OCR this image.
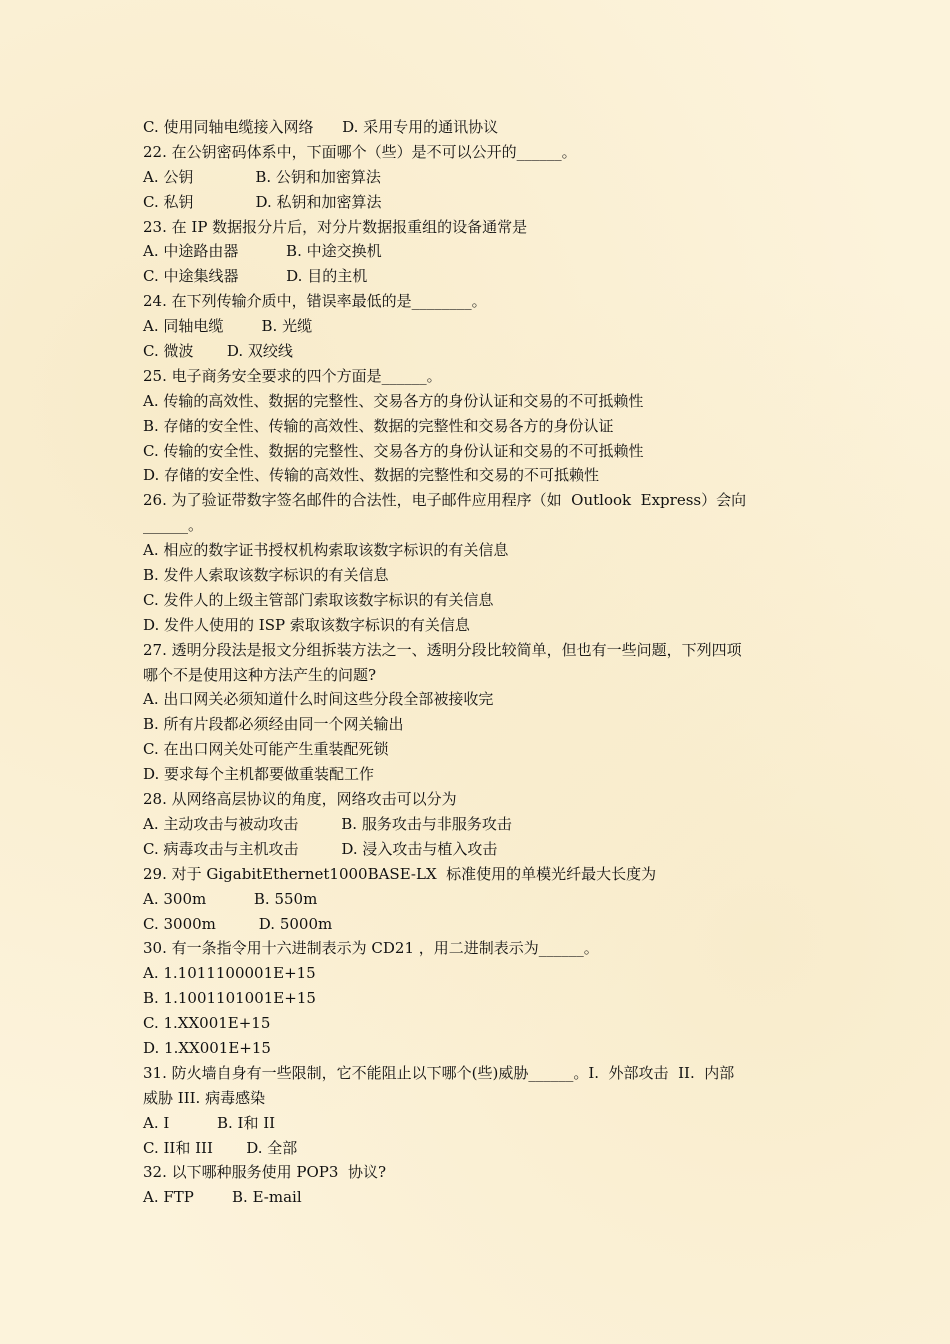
C. 使用同轴电缆接入网络      D. 采用专用的通讯协议

22. 在公钥密码体系中，下面哪个（些）是不可以公开的______。

A. 公钥             B. 公钥和加密算法

C. 私钥             D. 私钥和加密算法

23. 在 IP 数据报分片后，对分片数据报重组的设备通常是

A. 中途路由器          B. 中途交换机

C. 中途集线器          D. 目的主机

24. 在下列传输介质中，错误率最低的是________。

A. 同轴电缆        B. 光缆

C. 微波       D. 双绞线

25. 电子商务安全要求的四个方面是______。

A. 传输的高效性、数据的完整性、交易各方的身份认证和交易的不可抵赖性

B. 存储的安全性、传输的高效性、数据的完整性和交易各方的身份认证

C. 传输的安全性、数据的完整性、交易各方的身份认证和交易的不可抵赖性

D. 存储的安全性、传输的高效性、数据的完整性和交易的不可抵赖性

26. 为了验证带数字签名邮件的合法性，电子邮件应用程序（如  Outlook  Express）会向

______。

A. 相应的数字证书授权机构索取该数字标识的有关信息

B. 发件人索取该数字标识的有关信息

C. 发件人的上级主管部门索取该数字标识的有关信息

D. 发件人使用的 ISP 索取该数字标识的有关信息

27. 透明分段法是报文分组拆装方法之一、透明分段比较简单，但也有一些问题，下列四项

哪个不是使用这种方法产生的问题?

A. 出口网关必须知道什么时间这些分段全部被接收完

B. 所有片段都必须经由同一个网关输出

C. 在出口网关处可能产生重装配死锁

D. 要求每个主机都要做重装配工作

28. 从网络高层协议的角度，网络攻击可以分为

A. 主动攻击与被动攻击         B. 服务攻击与非服务攻击

C. 病毒攻击与主机攻击         D. 浸入攻击与植入攻击

29. 对于 GigabitEthernet1000BASE-LX  标准使用的单模光纤最大长度为

A. 300m          B. 550m

C. 3000m         D. 5000m

30. 有一条指令用十六进制表示为 CD21 ，用二进制表示为______。

A. 1.1011100001E+15

B. 1.1001101001E+15

C. 1.XX001E+15

D. 1.XX001E+15

31. 防火墙自身有一些限制，它不能阻止以下哪个(些)威胁______。I.  外部攻击  II.  内部

威胁 III. 病毒感染

A. I          B. I和 II

C. II和 III       D. 全部

32. 以下哪种服务使用 POP3  协议?

A. FTP        B. E-mail
